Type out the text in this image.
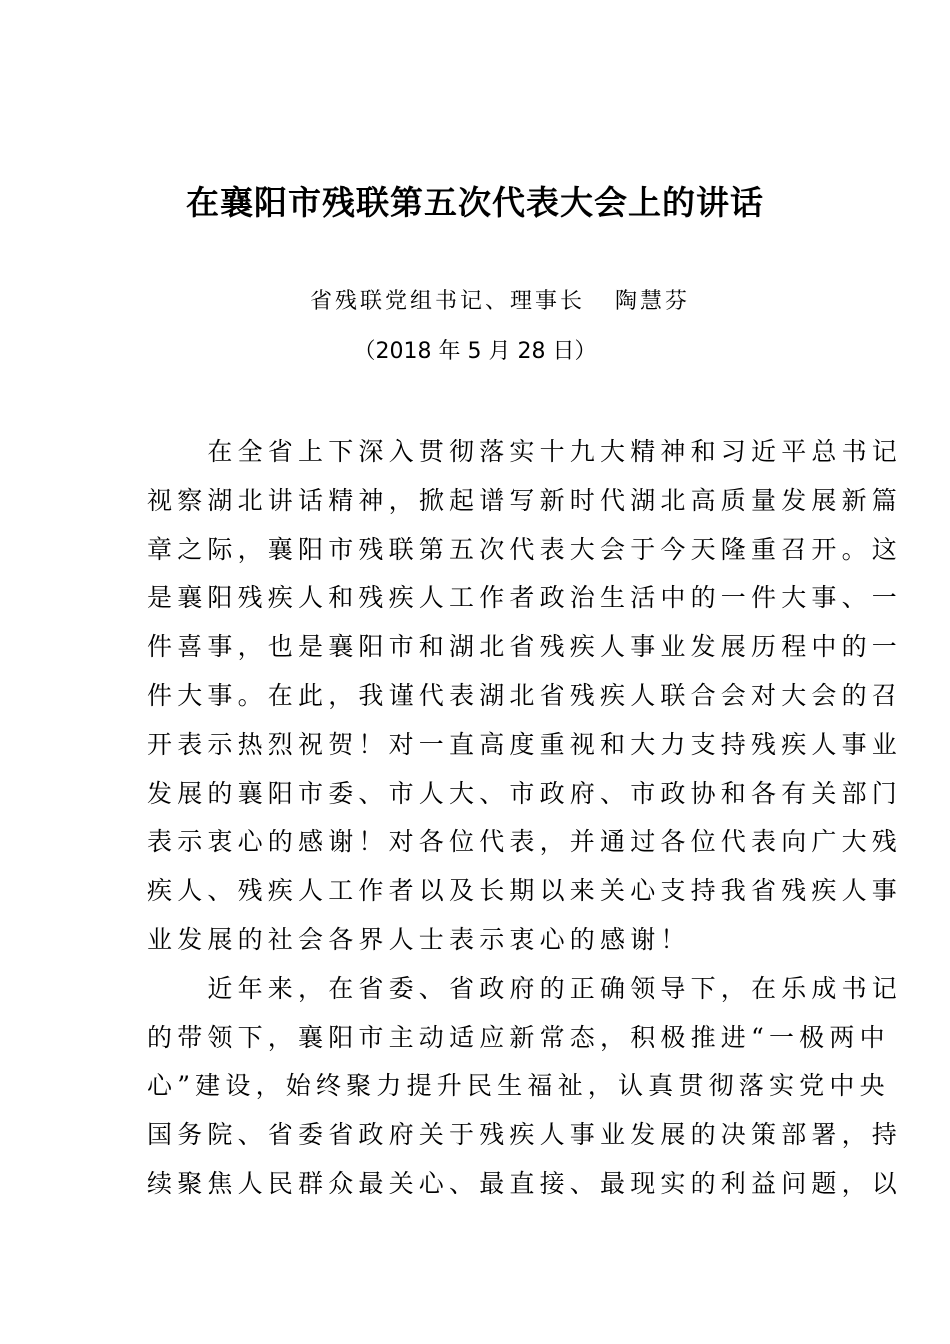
在襄阳市残联第五次代表大会上的讲话
省残联党组书记、理事长   陶慧芬
（2018 年 5 月 28 日）
　　在全省上下深入贯彻落实十九大精神和习近平总书记
视察湖北讲话精神，掀起谱写新时代湖北高质量发展新篇
章之际，襄阳市残联第五次代表大会于今天隆重召开。这
是襄阳残疾人和残疾人工作者政治生活中的一件大事、一
件喜事，也是襄阳市和湖北省残疾人事业发展历程中的一
件大事。在此，我谨代表湖北省残疾人联合会对大会的召
开表示热烈祝贺！对一直高度重视和大力支持残疾人事业
发展的襄阳市委、市人大、市政府、市政协和各有关部门
表示衷心的感谢！对各位代表，并通过各位代表向广大残
疾人、残疾人工作者以及长期以来关心支持我省残疾人事
业发展的社会各界人士表示衷心的感谢！
　　近年来，在省委、省政府的正确领导下，在乐成书记
的带领下，襄阳市主动适应新常态，积极推进“一极两中
心”建设，始终聚力提升民生福祉，认真贯彻落实党中央
国务院、省委省政府关于残疾人事业发展的决策部署，持
续聚焦人民群众最关心、最直接、最现实的利益问题，以
